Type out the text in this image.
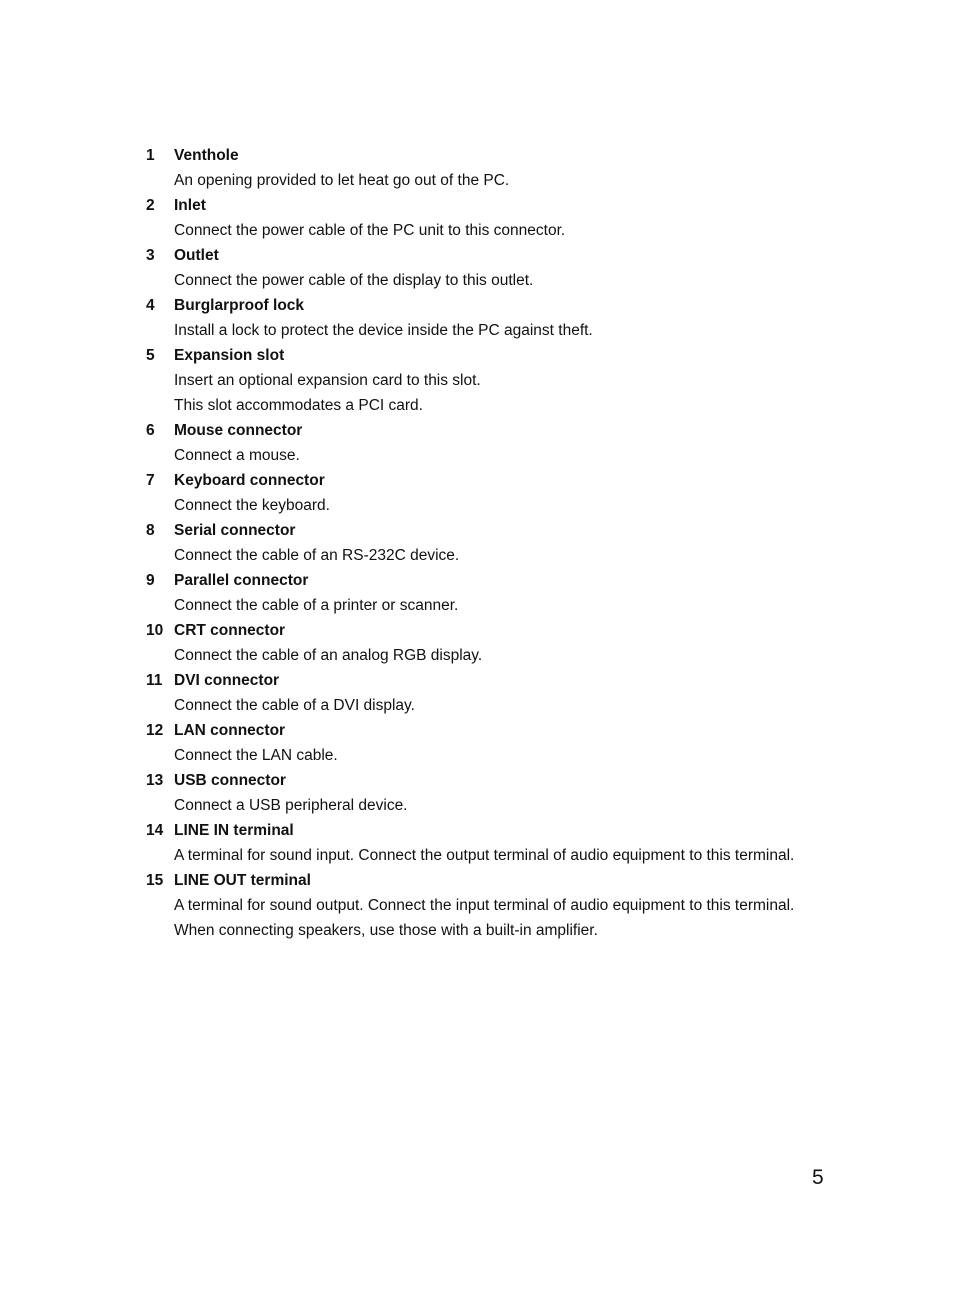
1 Venthole
An opening provided to let heat go out of the PC.
2 Inlet
Connect the power cable of the PC unit to this connector.
3 Outlet
Connect the power cable of the display to this outlet.
4 Burglarproof lock
Install a lock to protect the device inside the PC against theft.
5 Expansion slot
Insert an optional expansion card to this slot.
This slot accommodates a PCI card.
6 Mouse connector
Connect a mouse.
7 Keyboard connector
Connect the keyboard.
8 Serial connector
Connect the cable of an RS-232C device.
9 Parallel connector
Connect the cable of a printer or scanner.
10 CRT connector
Connect the cable of an analog RGB display.
11 DVI connector
Connect the cable of a DVI display.
12 LAN connector
Connect the LAN cable.
13 USB connector
Connect a USB peripheral device.
14 LINE IN terminal
A terminal for sound input. Connect the output terminal of audio equipment to this terminal.
15 LINE OUT terminal
A terminal for sound output. Connect the input terminal of audio equipment to this terminal.
When connecting speakers, use those with a built-in amplifier.
5
